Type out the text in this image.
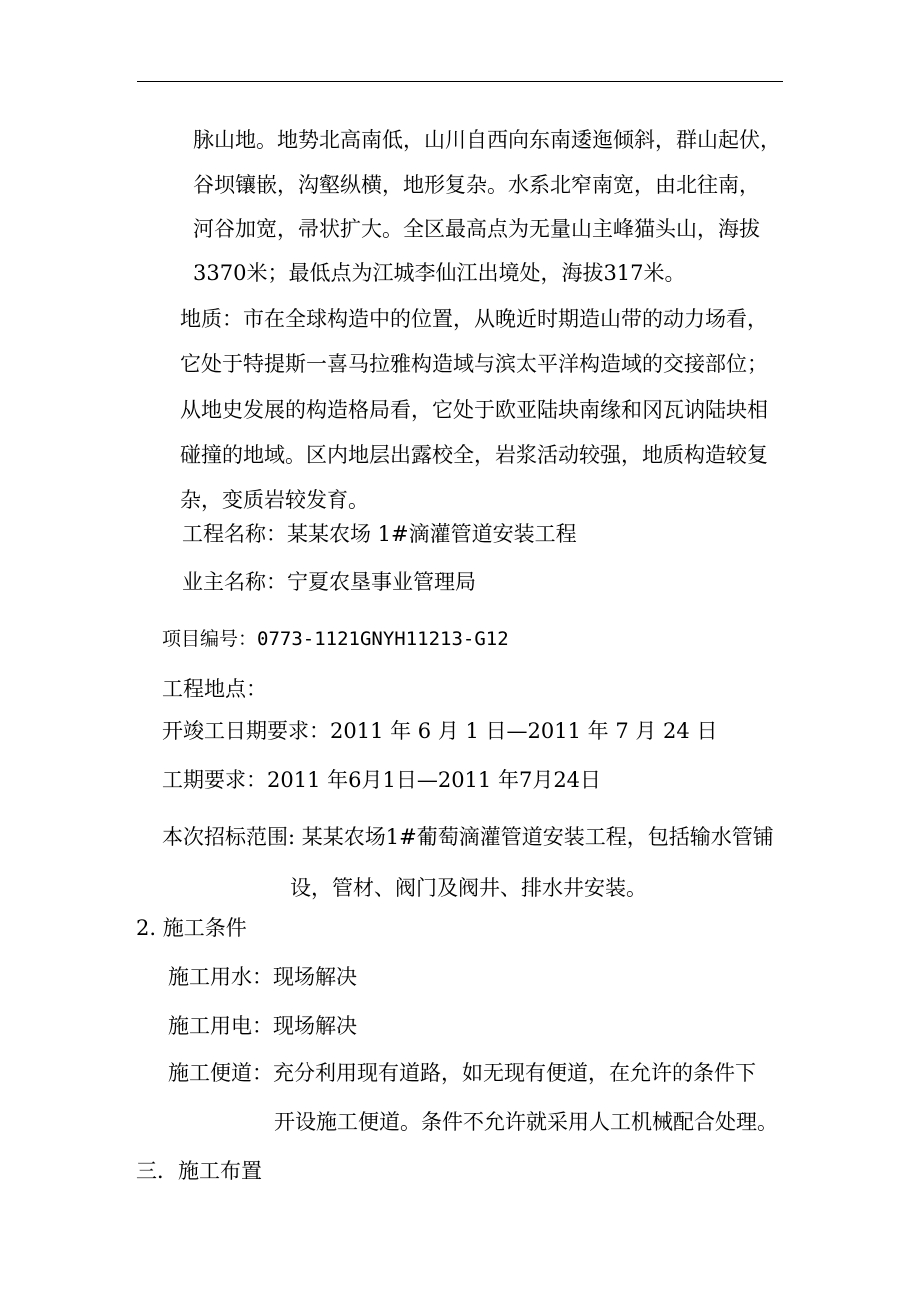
脉山地。地势北高南低，山川自西向东南逶迤倾斜，群山起伏，
谷坝镶嵌，沟壑纵横，地形复杂。水系北窄南宽，由北往南，
河谷加宽，帚状扩大。全区最高点为无量山主峰猫头山，海拔
3370米；最低点为江城李仙江出境处，海拔317米。
地质：市在全球构造中的位置，从晚近时期造山带的动力场看，
它处于特提斯一喜马拉雅构造域与滨太平洋构造域的交接部位；
从地史发展的构造格局看，它处于欧亚陆块南缘和冈瓦讷陆块相
碰撞的地域。区内地层出露校全，岩浆活动较强，地质构造较复
杂，变质岩较发育。
工程名称：某某农场 1#滴灌管道安装工程
业主名称：宁夏农垦事业管理局
项目编号：0773-1121GNYH11213-G12
工程地点：
开竣工日期要求：2011 年 6 月 1 日—2011 年 7 月 24 日
工期要求：2011 年6月1日—2011 年7月24日
本次招标范围: 某某农场1#葡萄滴灌管道安装工程，包括输水管铺
设，管材、阀门及阀井、排水井安装。
2. 施工条件
施工用水：现场解决
施工用电：现场解决
施工便道：充分利用现有道路，如无现有便道，在允许的条件下
开设施工便道。条件不允许就采用人工机械配合处理。
三．施工布置
